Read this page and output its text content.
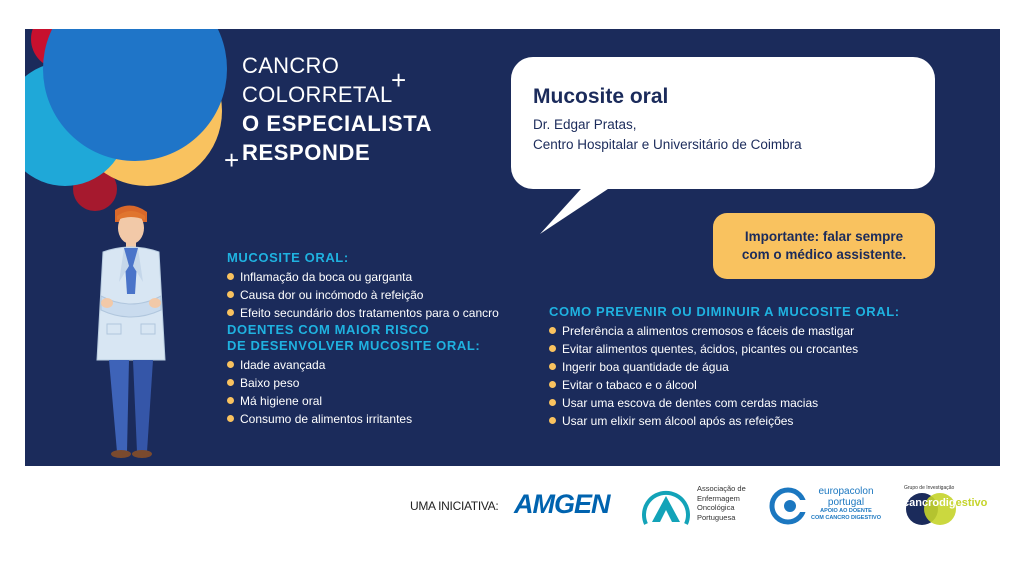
CANCRO
COLORRETAL
O ESPECIALISTA
RESPONDE
+
+
Mucosite oral
Dr. Edgar Pratas,
Centro Hospitalar e Universitário de Coimbra
Importante: falar sempre
com o médico assistente.
MUCOSITE ORAL:
Inflamação da boca ou garganta
Causa dor ou incómodo à refeição
Efeito secundário dos tratamentos para o cancro
DOENTES COM MAIOR RISCO
DE DESENVOLVER MUCOSITE ORAL:
Idade avançada
Baixo peso
Má higiene oral
Consumo de alimentos irritantes
COMO PREVENIR OU DIMINUIR A MUCOSITE ORAL:
Preferência a alimentos cremosos e fáceis de mastigar
Evitar alimentos quentes, ácidos, picantes ou crocantes
Ingerir boa quantidade de água
Evitar o tabaco e o álcool
Usar uma escova de dentes com cerdas macias
Usar um elixir sem álcool após as refeições
UMA INICIATIVA: AMGEN
Associação de
Enfermagem
Oncológica
Portuguesa
europacolon
portugal
APOIO AO DOENTE
COM CANCRO DIGESTIVO
Grupo de Investigação
cancrodigestivo
